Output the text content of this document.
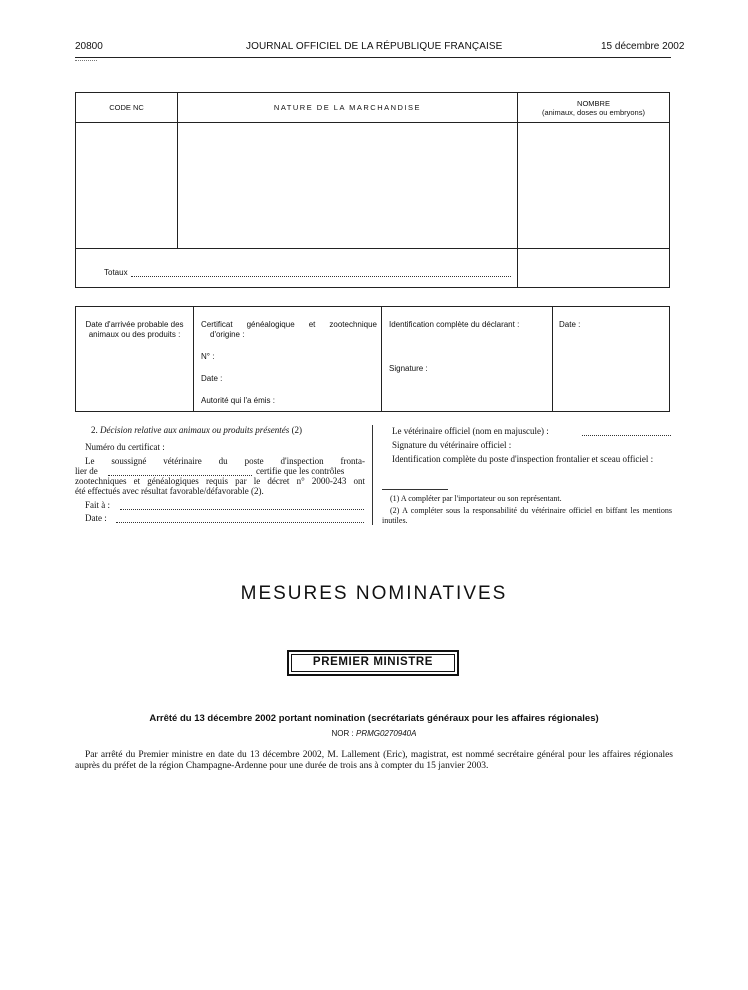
20800	JOURNAL OFFICIEL DE LA RÉPUBLIQUE FRANÇAISE	15 décembre 2002
CODE NC	NATURE DE LA MARCHANDISE	NOMBRE
(animaux, doses ou embryons)
Totaux
Date d'arrivée probable des animaux ou des produits :
Certificat généalogique et zootechnique
d'origine :
N° :
Date :
Autorité qui l'a émis :
Identification complète du déclarant :
Signature :
Date :
2. Décision relative aux animaux ou produits présentés (2)
Numéro du certificat :
Le soussigné vétérinaire du poste d'inspection fronta-
lier de	certifie que les contrôles
zootechniques et généalogiques requis par le décret n° 2000-243 ont
été effectués avec résultat favorable/défavorable (2).
Fait à :
Date :
Le vétérinaire officiel (nom en majuscule) :
Signature du vétérinaire officiel :
Identification complète du poste d'inspection frontalier et sceau officiel :
(1) A compléter par l'importateur ou son représentant.
(2) A compléter sous la responsabilité du vétérinaire officiel en biffant les mentions inutiles.
MESURES NOMINATIVES
PREMIER MINISTRE
Arrêté du 13 décembre 2002 portant nomination (secrétariats généraux pour les affaires régionales)
NOR : PRMG0270940A
Par arrêté du Premier ministre en date du 13 décembre 2002, M. Lallement (Eric), magistrat, est nommé secrétaire général pour les affaires régionales auprès du préfet de la région Champagne-Ardenne pour une durée de trois ans à compter du 15 janvier 2003.
